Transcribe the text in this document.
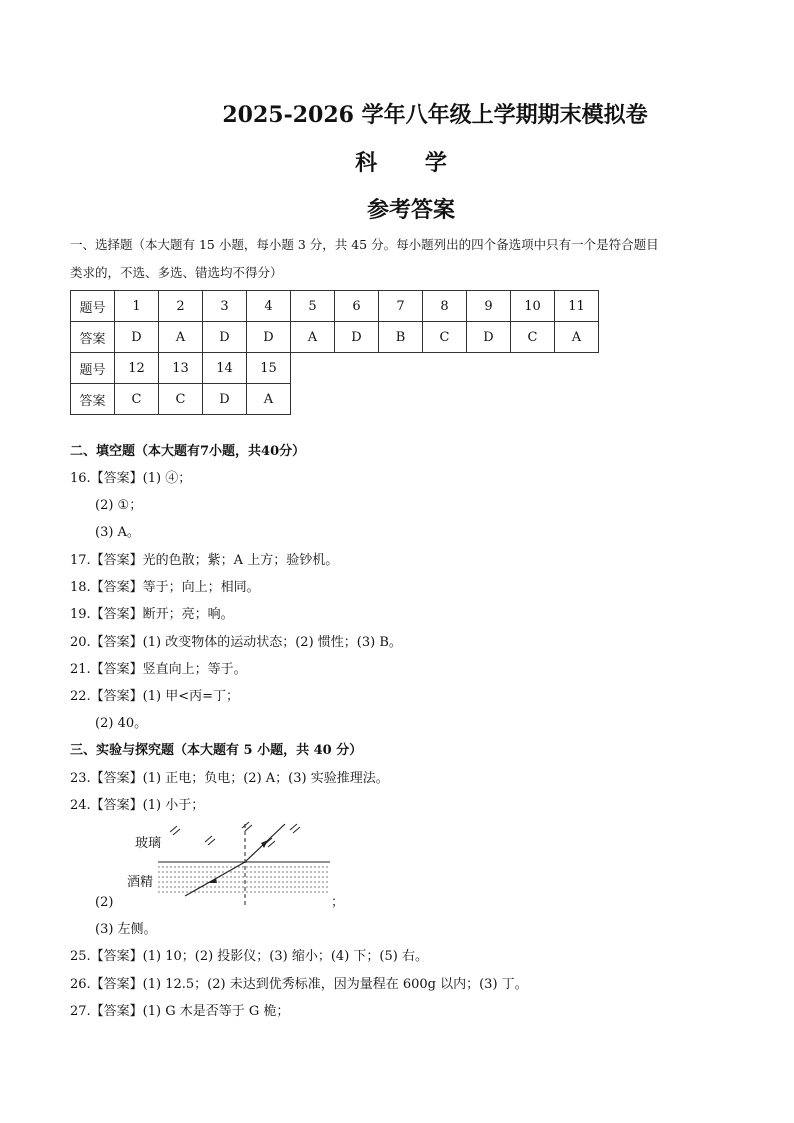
2025-2026 学年八年级上学期期末模拟卷
科 学
参考答案
一、选择题（本大题有 15 小题，每小题 3 分，共 45 分。每小题列出的四个备选项中只有一个是符合题目
类求的，不选、多选、错选均不得分）
题号	1	2	3	4	5	6	7	8	9	10	11
答案	D	A	D	D	A	D	B	C	D	C	A
题号	12	13	14	15							
答案	C	C	D	A							
二、填空题（本大题有7小题，共40分）
16.【答案】(1) ④；
(2) ①；
(3) A。
17.【答案】光的色散；紫；A 上方；验钞机。
18.【答案】等于；向上；相同。
19.【答案】断开；亮；响。
20.【答案】(1) 改变物体的运动状态；(2) 惯性；(3) B。
21.【答案】竖直向上；等于。
22.【答案】(1) 甲<丙=丁；
(2) 40。
三、实验与探究题（本大题有 5 小题，共 40 分）
23.【答案】(1) 正电；负电；(2) A；(3) 实验推理法。
24.【答案】(1) 小于；
玻璃
酒精
(2)	；
(3) 左侧。
25.【答案】(1) 10；(2) 投影仪；(3) 缩小；(4) 下；(5) 右。
26.【答案】(1) 12.5；(2) 未达到优秀标准，因为量程在 600g 以内；(3) 丁。
27.【答案】(1) G 木是否等于 G 桅；
